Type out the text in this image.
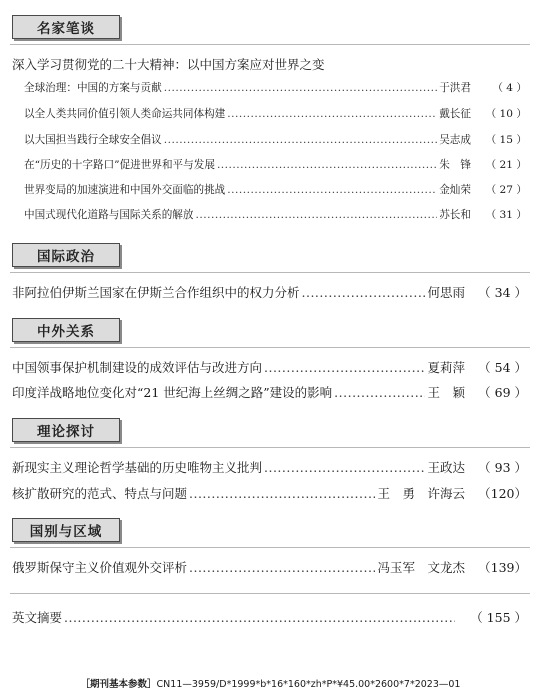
名家笔谈
深入学习贯彻党的二十大精神：以中国方案应对世界之变
全球治理：中国的方案与贡献 .....	于洪君	（ 4 ）
以全人类共同价值引领人类命运共同体构建 .....	戴长征	（ 10 ）
以大国担当践行全球安全倡议 .....	吴志成	（ 15 ）
在“历史的十字路口”促进世界和平与发展 .....	朱　锋	（ 21 ）
世界变局的加速演进和中国外交面临的挑战 .....	金灿荣	（ 27 ）
中国式现代化道路与国际关系的解放 .....	苏长和	（ 31 ）
国际政治
非阿拉伯伊斯兰国家在伊斯兰合作组织中的权力分析 .....	何思雨	（ 34 ）
中外关系
中国领事保护机制建设的成效评估与改进方向 .....	夏莉萍	（ 54 ）
印度洋战略地位变化对“21 世纪海上丝绸之路”建设的影响 .....	王　颖	（ 69 ）
理论探讨
新现实主义理论哲学基础的历史唯物主义批判 .....	王政达	（ 93 ）
核扩散研究的范式、特点与问题 .....	王　勇　许海云	（120）
国别与区域
俄罗斯保守主义价值观外交评析 .....	冯玉军　文龙杰	（139）
英文摘要 .....	（ 155 ）
［期刊基本参数］CN11—3959/D*1999*b*16*160*zh*P*¥45.00*2600*7*2023—01
